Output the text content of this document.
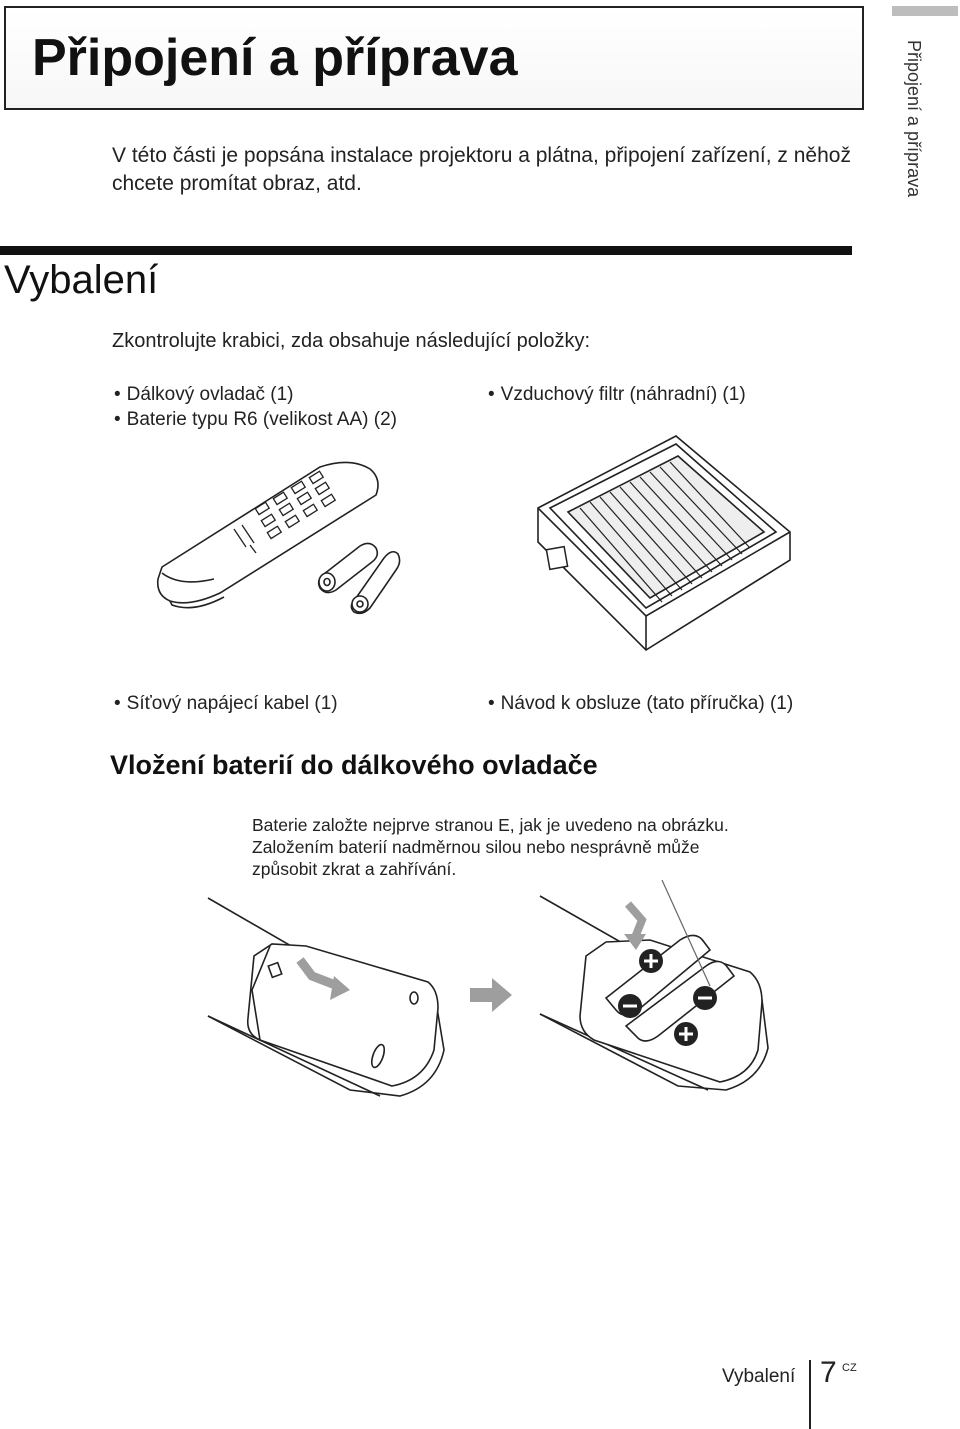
Připojení a příprava	Připojení a příprava
V této části je popsána instalace projektoru a plátna, připojení zařízení, z něhož chcete promítat obraz, atd.
Vybalení
Zkontrolujte krabici, zda obsahuje následující položky:
• Dálkový ovladač (1)
• Baterie typu R6 (velikost AA) (2)
• Vzduchový filtr (náhradní) (1)
• Síťový napájecí kabel (1)	• Návod k obsluze (tato příručka) (1)
Vložení baterií do dálkového ovladače
Baterie založte nejprve stranou E, jak je uvedeno na obrázku.
Založením baterií nadměrnou silou nebo nesprávně může
způsobit zkrat a zahřívání.
Vybalení 7 CZ
